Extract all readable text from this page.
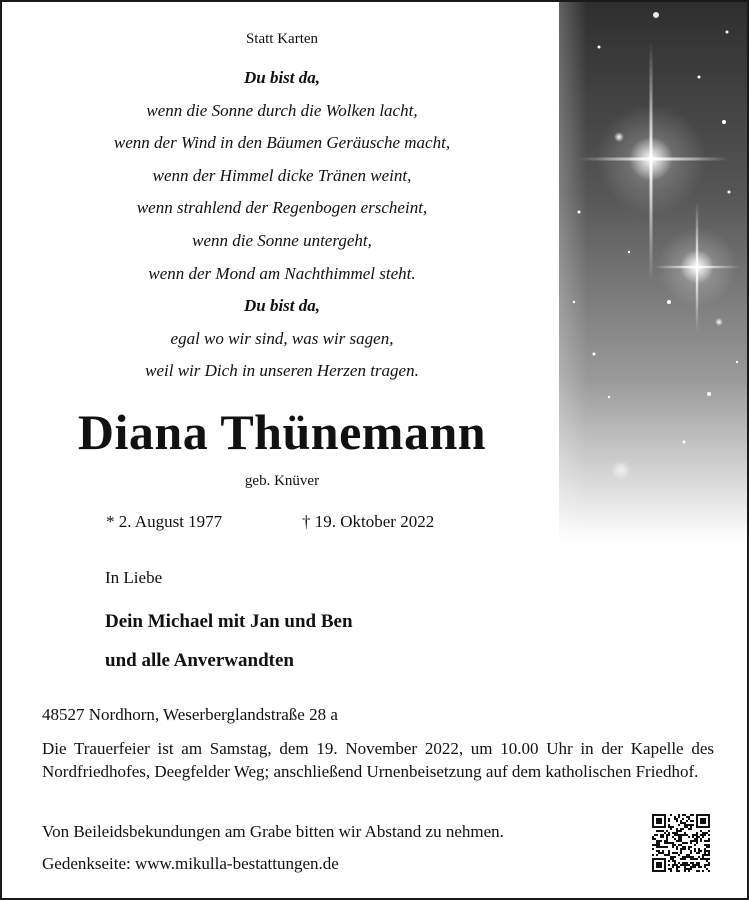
Statt Karten
Du bist da,
wenn die Sonne durch die Wolken lacht,
wenn der Wind in den Bäumen Geräusche macht,
wenn der Himmel dicke Tränen weint,
wenn strahlend der Regenbogen erscheint,
wenn die Sonne untergeht,
wenn der Mond am Nachthimmel steht.
Du bist da,
egal wo wir sind, was wir sagen,
weil wir Dich in unseren Herzen tragen.
Diana Thünemann
geb. Knüver
* 2. August 1977	† 19. Oktober 2022
In Liebe
Dein Michael mit Jan und Ben
und alle Anverwandten
48527 Nordhorn, Weserberglandstraße 28 a
Die Trauerfeier ist am Samstag, dem 19. November 2022, um 10.00 Uhr in der Kapelle des Nordfriedhofes, Deegfelder Weg; anschließend Urnenbeisetzung auf dem katholischen Friedhof.
Von Beileidsbekundungen am Grabe bitten wir Abstand zu nehmen.
Gedenkseite: www.mikulla-bestattungen.de
